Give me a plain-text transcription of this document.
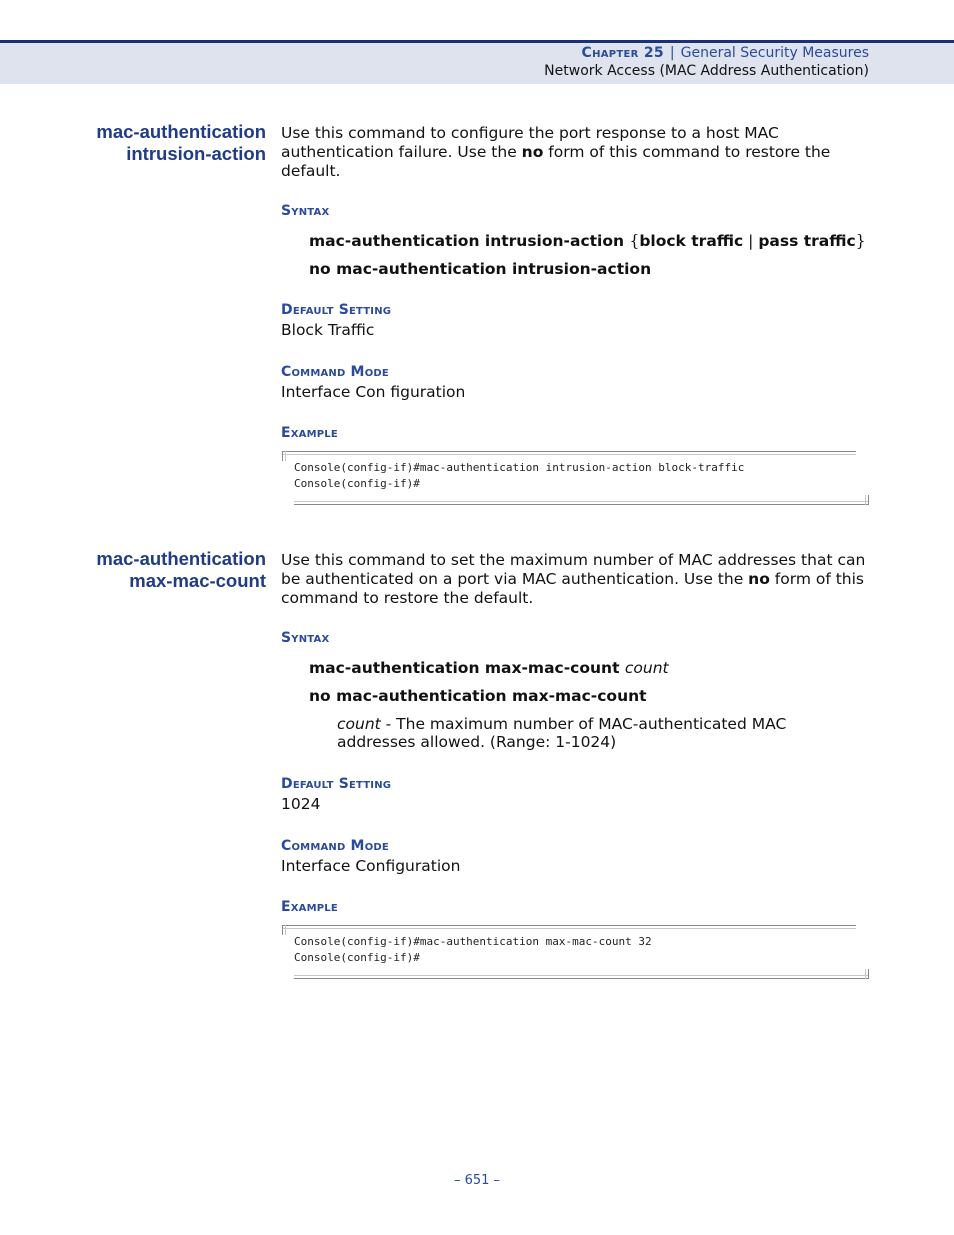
Chapter 25 | General Security Measures
Network Access (MAC Address Authentication)
mac-authentication
intrusion-action
Use this command to configure the port response to a host MAC authentication failure. Use the no form of this command to restore the default.
Syntax
mac-authentication intrusion-action {block traffic | pass traffic}
no mac-authentication intrusion-action
Default Setting
Block Traffic
Command Mode
Interface Con figuration
Example
Console(config-if)#mac-authentication intrusion-action block-traffic
Console(config-if)#
mac-authentication
max-mac-count
Use this command to set the maximum number of MAC addresses that can be authenticated on a port via MAC authentication. Use the no form of this command to restore the default.
Syntax
mac-authentication max-mac-count count
no mac-authentication max-mac-count
count - The maximum number of MAC-authenticated MAC addresses allowed. (Range: 1-1024)
Default Setting
1024
Command Mode
Interface Configuration
Example
Console(config-if)#mac-authentication max-mac-count 32
Console(config-if)#
– 651 –
